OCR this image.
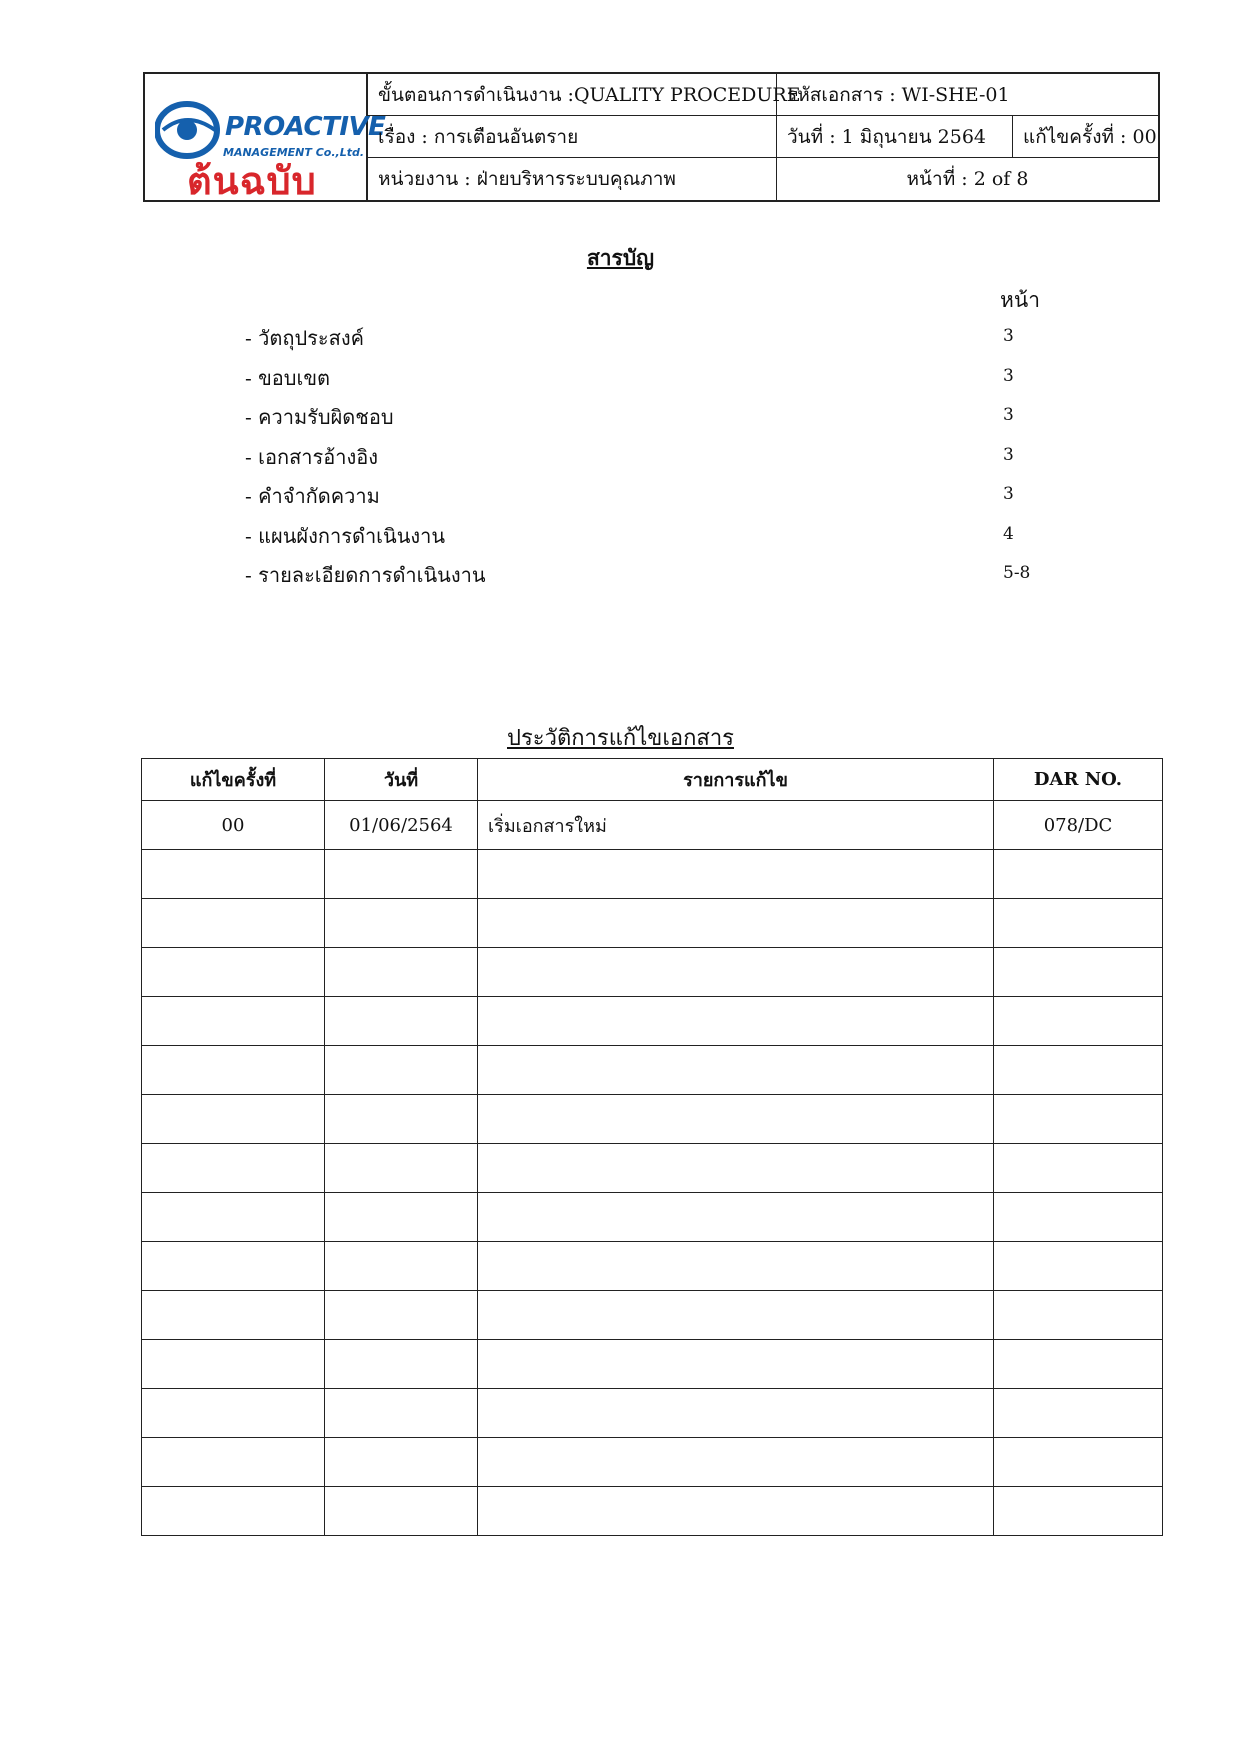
PROACTIVE
MANAGEMENT Co.,Ltd.
ต้นฉบับ
ขั้นตอนการดำเนินงาน :QUALITY PROCEDURE
รหัสเอกสาร : WI-SHE-01
เรื่อง : การเตือนอันตราย	วันที่ : 1 มิถุนายน 2564	แก้ไขครั้งที่ : 00
หน่วยงาน : ฝ่ายบริหารระบบคุณภาพ	หน้าที่ : 2 of 8
สารบัญ
หน้า
- วัตถุประสงค์	3
- ขอบเขต	3
- ความรับผิดชอบ	3
- เอกสารอ้างอิง	3
- คำจำกัดความ	3
- แผนผังการดำเนินงาน	4
- รายละเอียดการดำเนินงาน	5-8
ประวัติการแก้ไขเอกสาร
แก้ไขครั้งที่	วันที่	รายการแก้ไข	DAR NO.
00	01/06/2564	เริ่มเอกสารใหม่	078/DC
